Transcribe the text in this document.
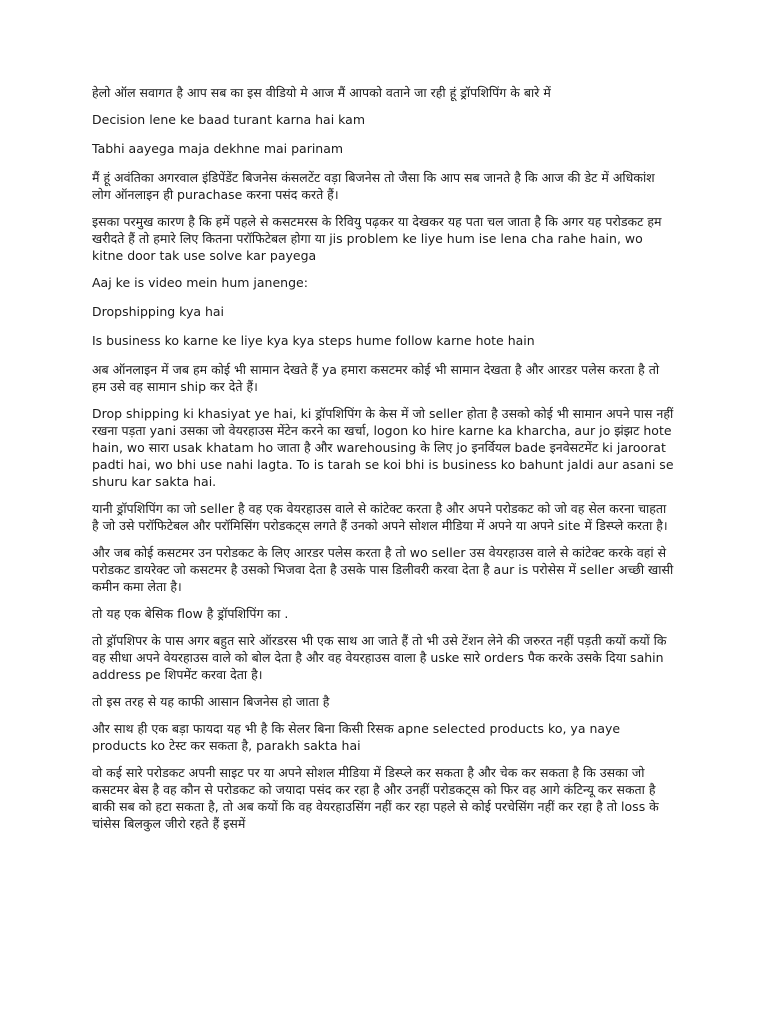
हेलो ऑल सवागत है आप सब का इस वीडियो मे आज मैं आपको वताने जा रही हूं ड्रॉपशिपिंग के बारे में

Decision lene ke baad turant karna hai kam

Tabhi aayega maja dekhne mai parinam

मैं हूं अवंतिका अगरवाल इंडिपेंडेंट बिजनेस कंसलटेंट वड़ा बिजनेस तो जैसा कि आप सब जानते है कि आज की डेट में अधिकांश लोग ऑनलाइन ही purachase करना पसंद करते हैं।

इसका परमुख कारण है कि हमें पहले से कसटमरस के रिवियु पढ़कर या देखकर यह पता चल जाता है कि अगर यह परोडकट हम खरीदते हैं तो हमारे लिए कितना परॉफिटेबल होगा या jis problem ke liye hum ise lena cha rahe hain, wo kitne door tak use solve kar payega

Aaj ke is video mein hum janenge:

Dropshipping kya hai

Is business ko karne ke liye kya kya steps hume follow karne hote hain

अब ऑनलाइन में जब हम कोई भी सामान देखते हैं ya हमारा कसटमर कोई भी सामान देखता है और आरडर पलेस करता है तो हम उसे वह सामान ship कर देते हैं।

Drop shipping ki khasiyat ye hai, ki ड्रॉपशिपिंग के केस में जो seller होता है उसको कोई भी सामान अपने पास नहीं रखना पड़ता yani उसका जो वेयरहाउस मेंटेन करने का खर्चा, logon ko hire karne ka kharcha, aur jo झंझट hote hain, wo सारा usak khatam ho जाता है और warehousing के लिए jo इनर्वियल bade इनवेसटमेंट ki jaroorat padti hai, wo bhi use nahi lagta. To is tarah se koi bhi is business ko bahunt jaldi aur asani se shuru kar sakta hai.

यानी ड्रॉपशिपिंग का जो seller है वह एक वेयरहाउस वाले से कांटेक्ट करता है और अपने परोडकट को जो वह सेल करना चाहता है जो उसे परॉफिटेबल और परॉमिसिंग परोडकट्स लगते हैं उनको अपने सोशल मीडिया में अपने या अपने site में डिस्प्ले करता है।

और जब कोई कसटमर उन परोडकट के लिए आरडर पलेस करता है तो wo seller उस वेयरहाउस वाले से कांटेक्ट करके वहां से परोडकट डायरेक्ट जो कसटमर है उसको भिजवा देता है उसके पास डिलीवरी करवा देता है aur is परोसेस में seller अच्छी खासी कमीन कमा लेता है।

तो यह एक बेसिक flow है ड्रॉपशिपिंग का .

तो ड्रॉपशिपर के पास अगर बहुत सारे ऑरडरस भी एक साथ आ जाते हैं तो भी उसे टेंशन लेने की जरुरत नहीं पड़ती कयों कयों कि वह सीधा अपने वेयरहाउस वाले को बोल देता है और वह वेयरहाउस वाला है uske सारे orders पैक करके उसके दिया sahin address pe शिपमेंट करवा देता है।

तो इस तरह से यह काफी आसान बिजनेस हो जाता है

और साथ ही एक बड़ा फायदा यह भी है कि सेलर बिना किसी रिसक apne selected products ko, ya naye products ko टेस्ट कर सकता है, parakh sakta hai

वो कई सारे परोडकट अपनी साइट पर या अपने सोशल मीडिया में डिस्प्ले कर सकता है और चेक कर सकता है कि उसका जो कसटमर बेस है वह कौन से परोडकट को जयादा पसंद कर रहा है और उनहीं परोडकट्स को फिर वह आगे कंटिन्यू कर सकता है बाकी सब को हटा सकता है, तो अब कयों कि वह वेयरहाउसिंग नहीं कर रहा पहले से कोई परचेसिंग नहीं कर रहा है तो loss के चांसेस बिलकुल जीरो रहते हैं इसमें
